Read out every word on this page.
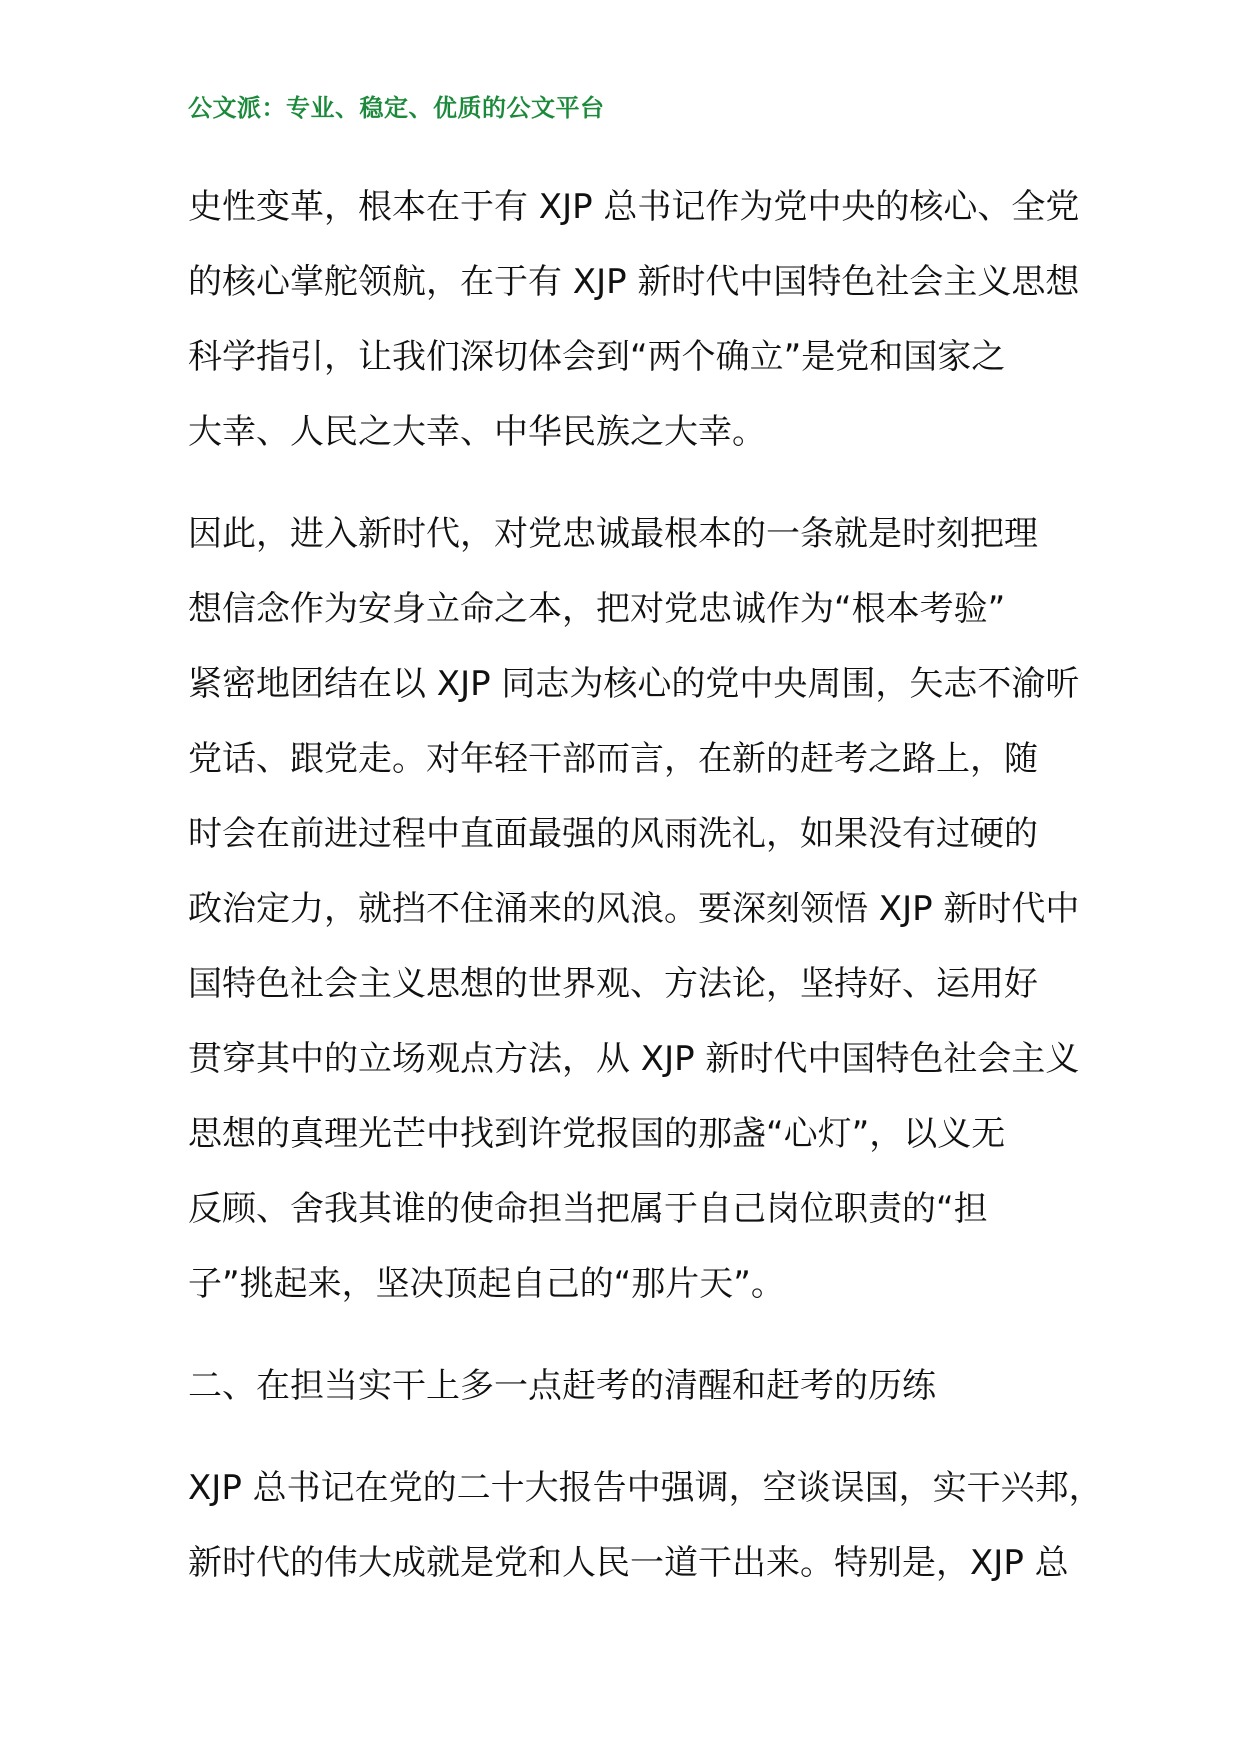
公文派：专业、稳定、优质的公文平台
史性变革，根本在于有 XJP 总书记作为党中央的核心、全党
的核心掌舵领航，在于有 XJP 新时代中国特色社会主义思想
科学指引，让我们深切体会到“两个确立”是党和国家之
大幸、人民之大幸、中华民族之大幸。
因此，进入新时代，对党忠诚最根本的一条就是时刻把理
想信念作为安身立命之本，把对党忠诚作为“根本考验”
紧密地团结在以 XJP 同志为核心的党中央周围，矢志不渝听
党话、跟党走。对年轻干部而言，在新的赶考之路上，随
时会在前进过程中直面最强的风雨洗礼，如果没有过硬的
政治定力，就挡不住涌来的风浪。要深刻领悟 XJP 新时代中
国特色社会主义思想的世界观、方法论，坚持好、运用好
贯穿其中的立场观点方法，从 XJP 新时代中国特色社会主义
思想的真理光芒中找到许党报国的那盏“心灯”，以义无
反顾、舍我其谁的使命担当把属于自己岗位职责的“担
子”挑起来，坚决顶起自己的“那片天”。
二、在担当实干上多一点赶考的清醒和赶考的历练
XJP 总书记在党的二十大报告中强调，空谈误国，实干兴邦，
新时代的伟大成就是党和人民一道干出来。特别是，XJP 总
